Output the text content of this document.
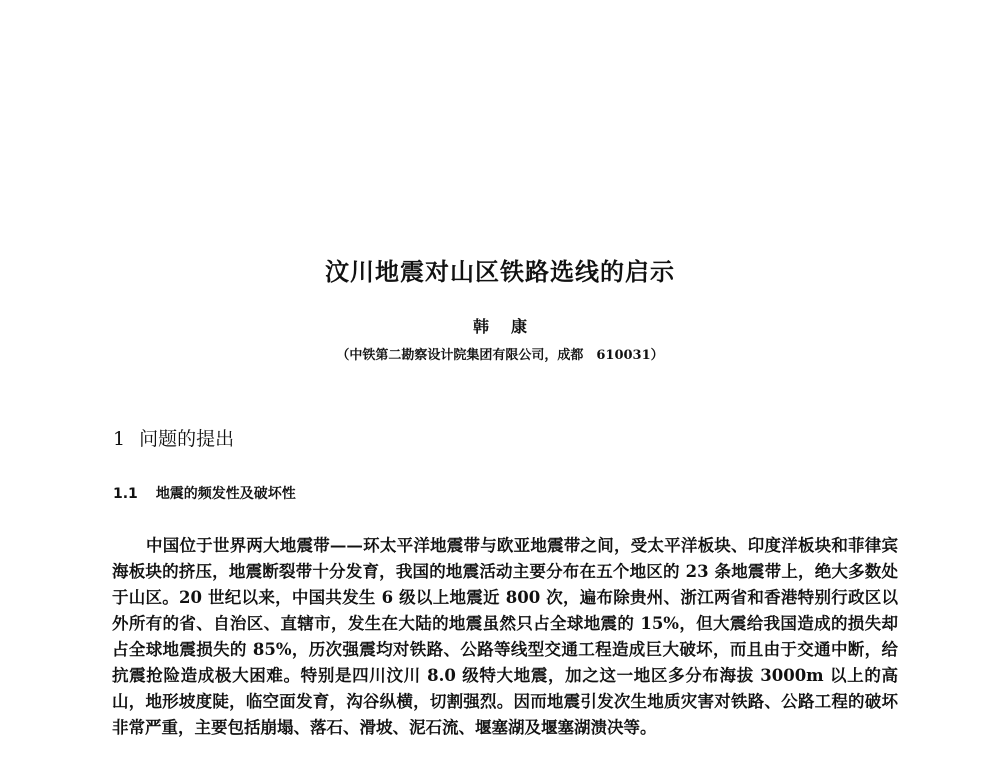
汶川地震对山区铁路选线的启示
韩康
（中铁第二勘察设计院集团有限公司，成都　610031）
1 问题的提出
1.1 地震的频发性及破坏性

中国位于世界两大地震带——环太平洋地震带与欧亚地震带之间，受太平洋板块、印度洋板块和菲律宾海板块的挤压，地震断裂带十分发育，我国的地震活动主要分布在五个地区的 23 条地震带上，绝大多数处于山区。20 世纪以来，中国共发生 6 级以上地震近 800 次，遍布除贵州、浙江两省和香港特别行政区以外所有的省、自治区、直辖市，发生在大陆的地震虽然只占全球地震的 15%，但大震给我国造成的损失却占全球地震损失的 85%，历次强震均对铁路、公路等线型交通工程造成巨大破坏，而且由于交通中断，给抗震抢险造成极大困难。特别是四川汶川 8.0 级特大地震，加之这一地区多分布海拔 3000m 以上的高山，地形坡度陡，临空面发育，沟谷纵横，切割强烈。因而地震引发次生地质灾害对铁路、公路工程的破坏非常严重，主要包括崩塌、落石、滑坡、泥石流、堰塞湖及堰塞湖溃决等。
